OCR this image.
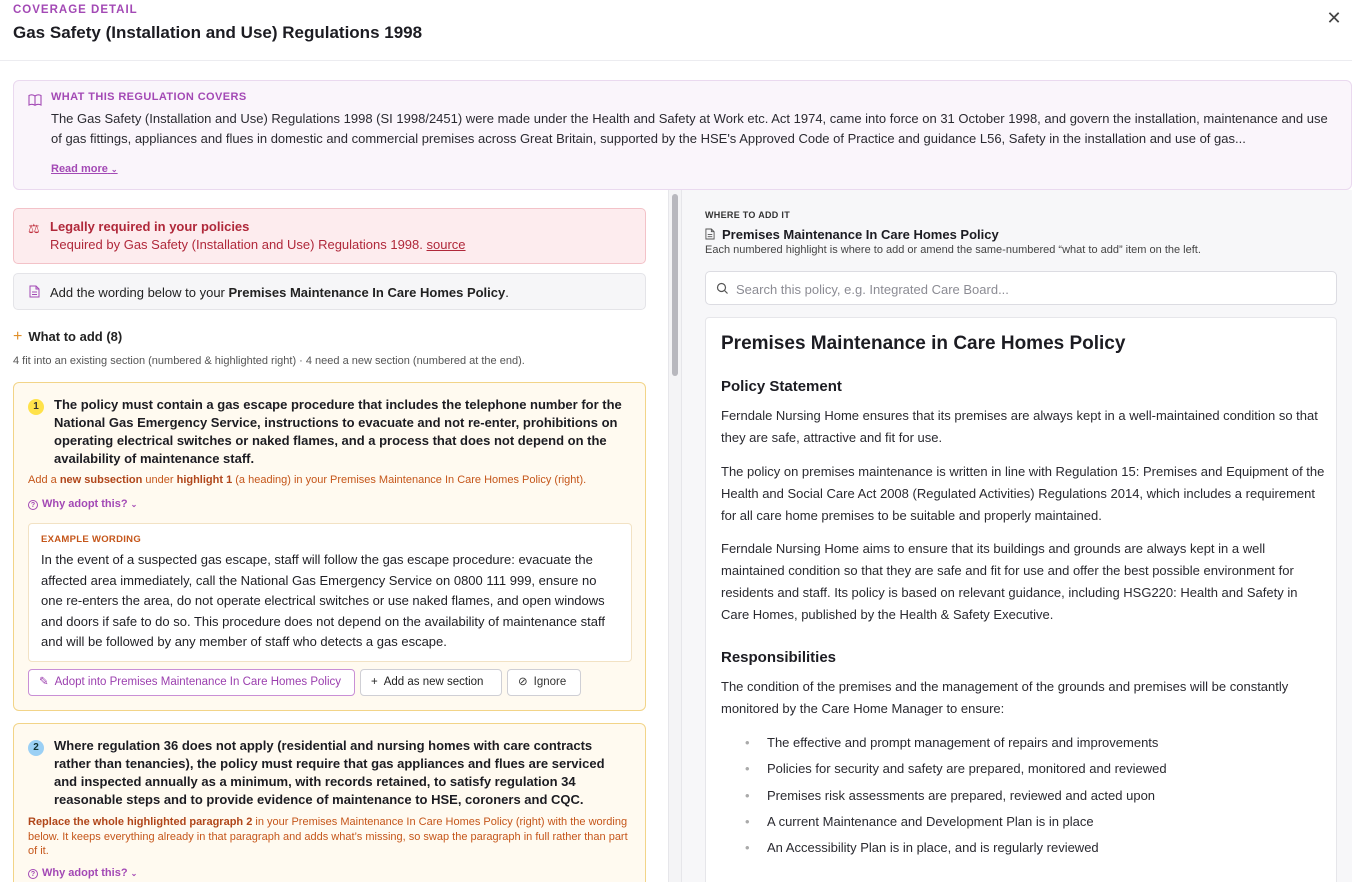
COVERAGE DETAIL
Gas Safety (Installation and Use) Regulations 1998
✕
WHAT THIS REGULATION COVERS
The Gas Safety (Installation and Use) Regulations 1998 (SI 1998/2451) were made under the Health and Safety at Work etc. Act 1974, came into force on 31 October 1998, and govern the installation, maintenance and use of gas fittings, appliances and flues in domestic and commercial premises across Great Britain, supported by the HSE's Approved Code of Practice and guidance L56, Safety in the installation and use of gas...
Read more ⌄
⚖ Legally required in your policies
Required by Gas Safety (Installation and Use) Regulations 1998. source
Add the wording below to your Premises Maintenance In Care Homes Policy.
+ What to add (8)
4 fit into an existing section (numbered & highlighted right) · 4 need a new section (numbered at the end).
1	The policy must contain a gas escape procedure that includes the telephone number for the National Gas Emergency Service, instructions to evacuate and not re-enter, prohibitions on operating electrical switches or naked flames, and a process that does not depend on the availability of maintenance staff.
Add a new subsection under highlight 1 (a heading) in your Premises Maintenance In Care Homes Policy (right).
? Why adopt this? ⌄
EXAMPLE WORDING
In the event of a suspected gas escape, staff will follow the gas escape procedure: evacuate the affected area immediately, call the National Gas Emergency Service on 0800 111 999, ensure no one re-enters the area, do not operate electrical switches or use naked flames, and open windows and doors if safe to do so. This procedure does not depend on the availability of maintenance staff and will be followed by any member of staff who detects a gas escape.
✎ Adopt into Premises Maintenance In Care Homes Policy	+ Add as new section	⊘ Ignore
2	Where regulation 36 does not apply (residential and nursing homes with care contracts rather than tenancies), the policy must require that gas appliances and flues are serviced and inspected annually as a minimum, with records retained, to satisfy regulation 34 reasonable steps and to provide evidence of maintenance to HSE, coroners and CQC.
Replace the whole highlighted paragraph 2 in your Premises Maintenance In Care Homes Policy (right) with the wording below. It keeps everything already in that paragraph and adds what’s missing, so swap the paragraph in full rather than part of it.
? Why adopt this? ⌄
WHERE TO ADD IT
Premises Maintenance In Care Homes Policy
Each numbered highlight is where to add or amend the same-numbered “what to add” item on the left.
Search this policy, e.g. Integrated Care Board...
Premises Maintenance in Care Homes Policy
Policy Statement
Ferndale Nursing Home ensures that its premises are always kept in a well-maintained condition so that they are safe, attractive and fit for use.
The policy on premises maintenance is written in line with Regulation 15: Premises and Equipment of the Health and Social Care Act 2008 (Regulated Activities) Regulations 2014, which includes a requirement for all care home premises to be suitable and properly maintained.
Ferndale Nursing Home aims to ensure that its buildings and grounds are always kept in a well maintained condition so that they are safe and fit for use and offer the best possible environment for residents and staff. Its policy is based on relevant guidance, including HSG220: Health and Safety in Care Homes, published by the Health & Safety Executive.
Responsibilities
The condition of the premises and the management of the grounds and premises will be constantly monitored by the Care Home Manager to ensure:
• The effective and prompt management of repairs and improvements
• Policies for security and safety are prepared, monitored and reviewed
• Premises risk assessments are prepared, reviewed and acted upon
• A current Maintenance and Development Plan is in place
• An Accessibility Plan is in place, and is regularly reviewed
